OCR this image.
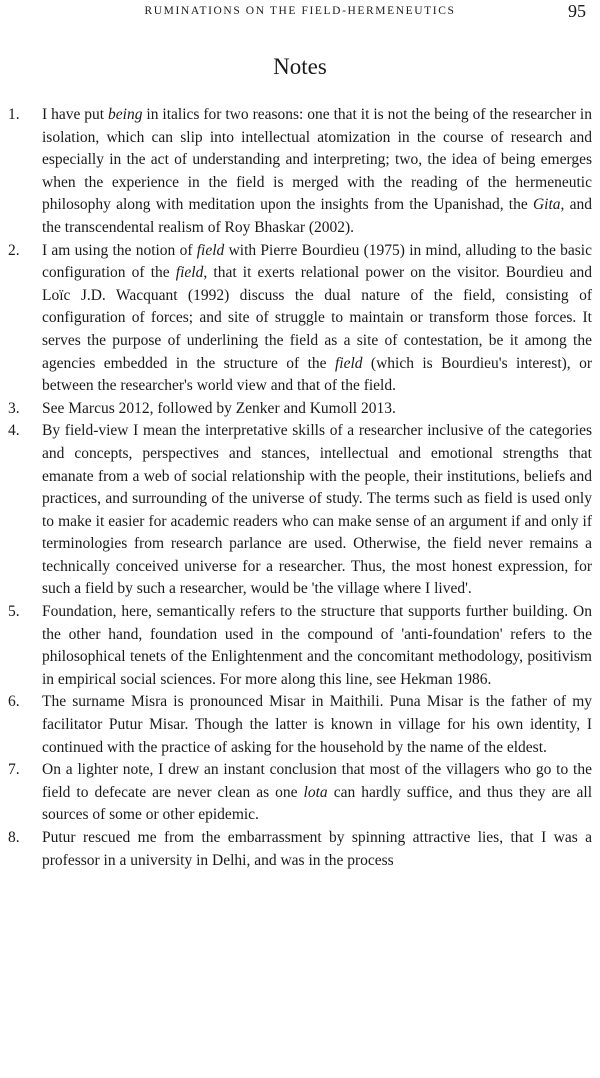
RUMINATIONS ON THE FIELD-HERMENEUTICS	95
Notes
1. I have put being in italics for two reasons: one that it is not the being of the researcher in isolation, which can slip into intellectual atomization in the course of research and especially in the act of understanding and interpreting; two, the idea of being emerges when the experience in the field is merged with the reading of the hermeneutic philosophy along with meditation upon the insights from the Upanishad, the Gita, and the transcendental realism of Roy Bhaskar (2002).
2. I am using the notion of field with Pierre Bourdieu (1975) in mind, alluding to the basic configuration of the field, that it exerts relational power on the visitor. Bourdieu and Loïc J.D. Wacquant (1992) discuss the dual nature of the field, consisting of configuration of forces; and site of struggle to maintain or transform those forces. It serves the purpose of underlining the field as a site of contestation, be it among the agencies embedded in the structure of the field (which is Bourdieu's interest), or between the researcher's world view and that of the field.
3. See Marcus 2012, followed by Zenker and Kumoll 2013.
4. By field-view I mean the interpretative skills of a researcher inclusive of the categories and concepts, perspectives and stances, intellectual and emotional strengths that emanate from a web of social relationship with the people, their institutions, beliefs and practices, and surrounding of the universe of study. The terms such as field is used only to make it easier for academic readers who can make sense of an argument if and only if terminologies from research parlance are used. Otherwise, the field never remains a technically conceived universe for a researcher. Thus, the most honest expression, for such a field by such a researcher, would be 'the village where I lived'.
5. Foundation, here, semantically refers to the structure that supports further building. On the other hand, foundation used in the compound of 'anti-foundation' refers to the philosophical tenets of the Enlightenment and the concomitant methodology, positivism in empirical social sciences. For more along this line, see Hekman 1986.
6. The surname Misra is pronounced Misar in Maithili. Puna Misar is the father of my facilitator Putur Misar. Though the latter is known in village for his own identity, I continued with the practice of asking for the household by the name of the eldest.
7. On a lighter note, I drew an instant conclusion that most of the villagers who go to the field to defecate are never clean as one lota can hardly suffice, and thus they are all sources of some or other epidemic.
8. Putur rescued me from the embarrassment by spinning attractive lies, that I was a professor in a university in Delhi, and was in the process
